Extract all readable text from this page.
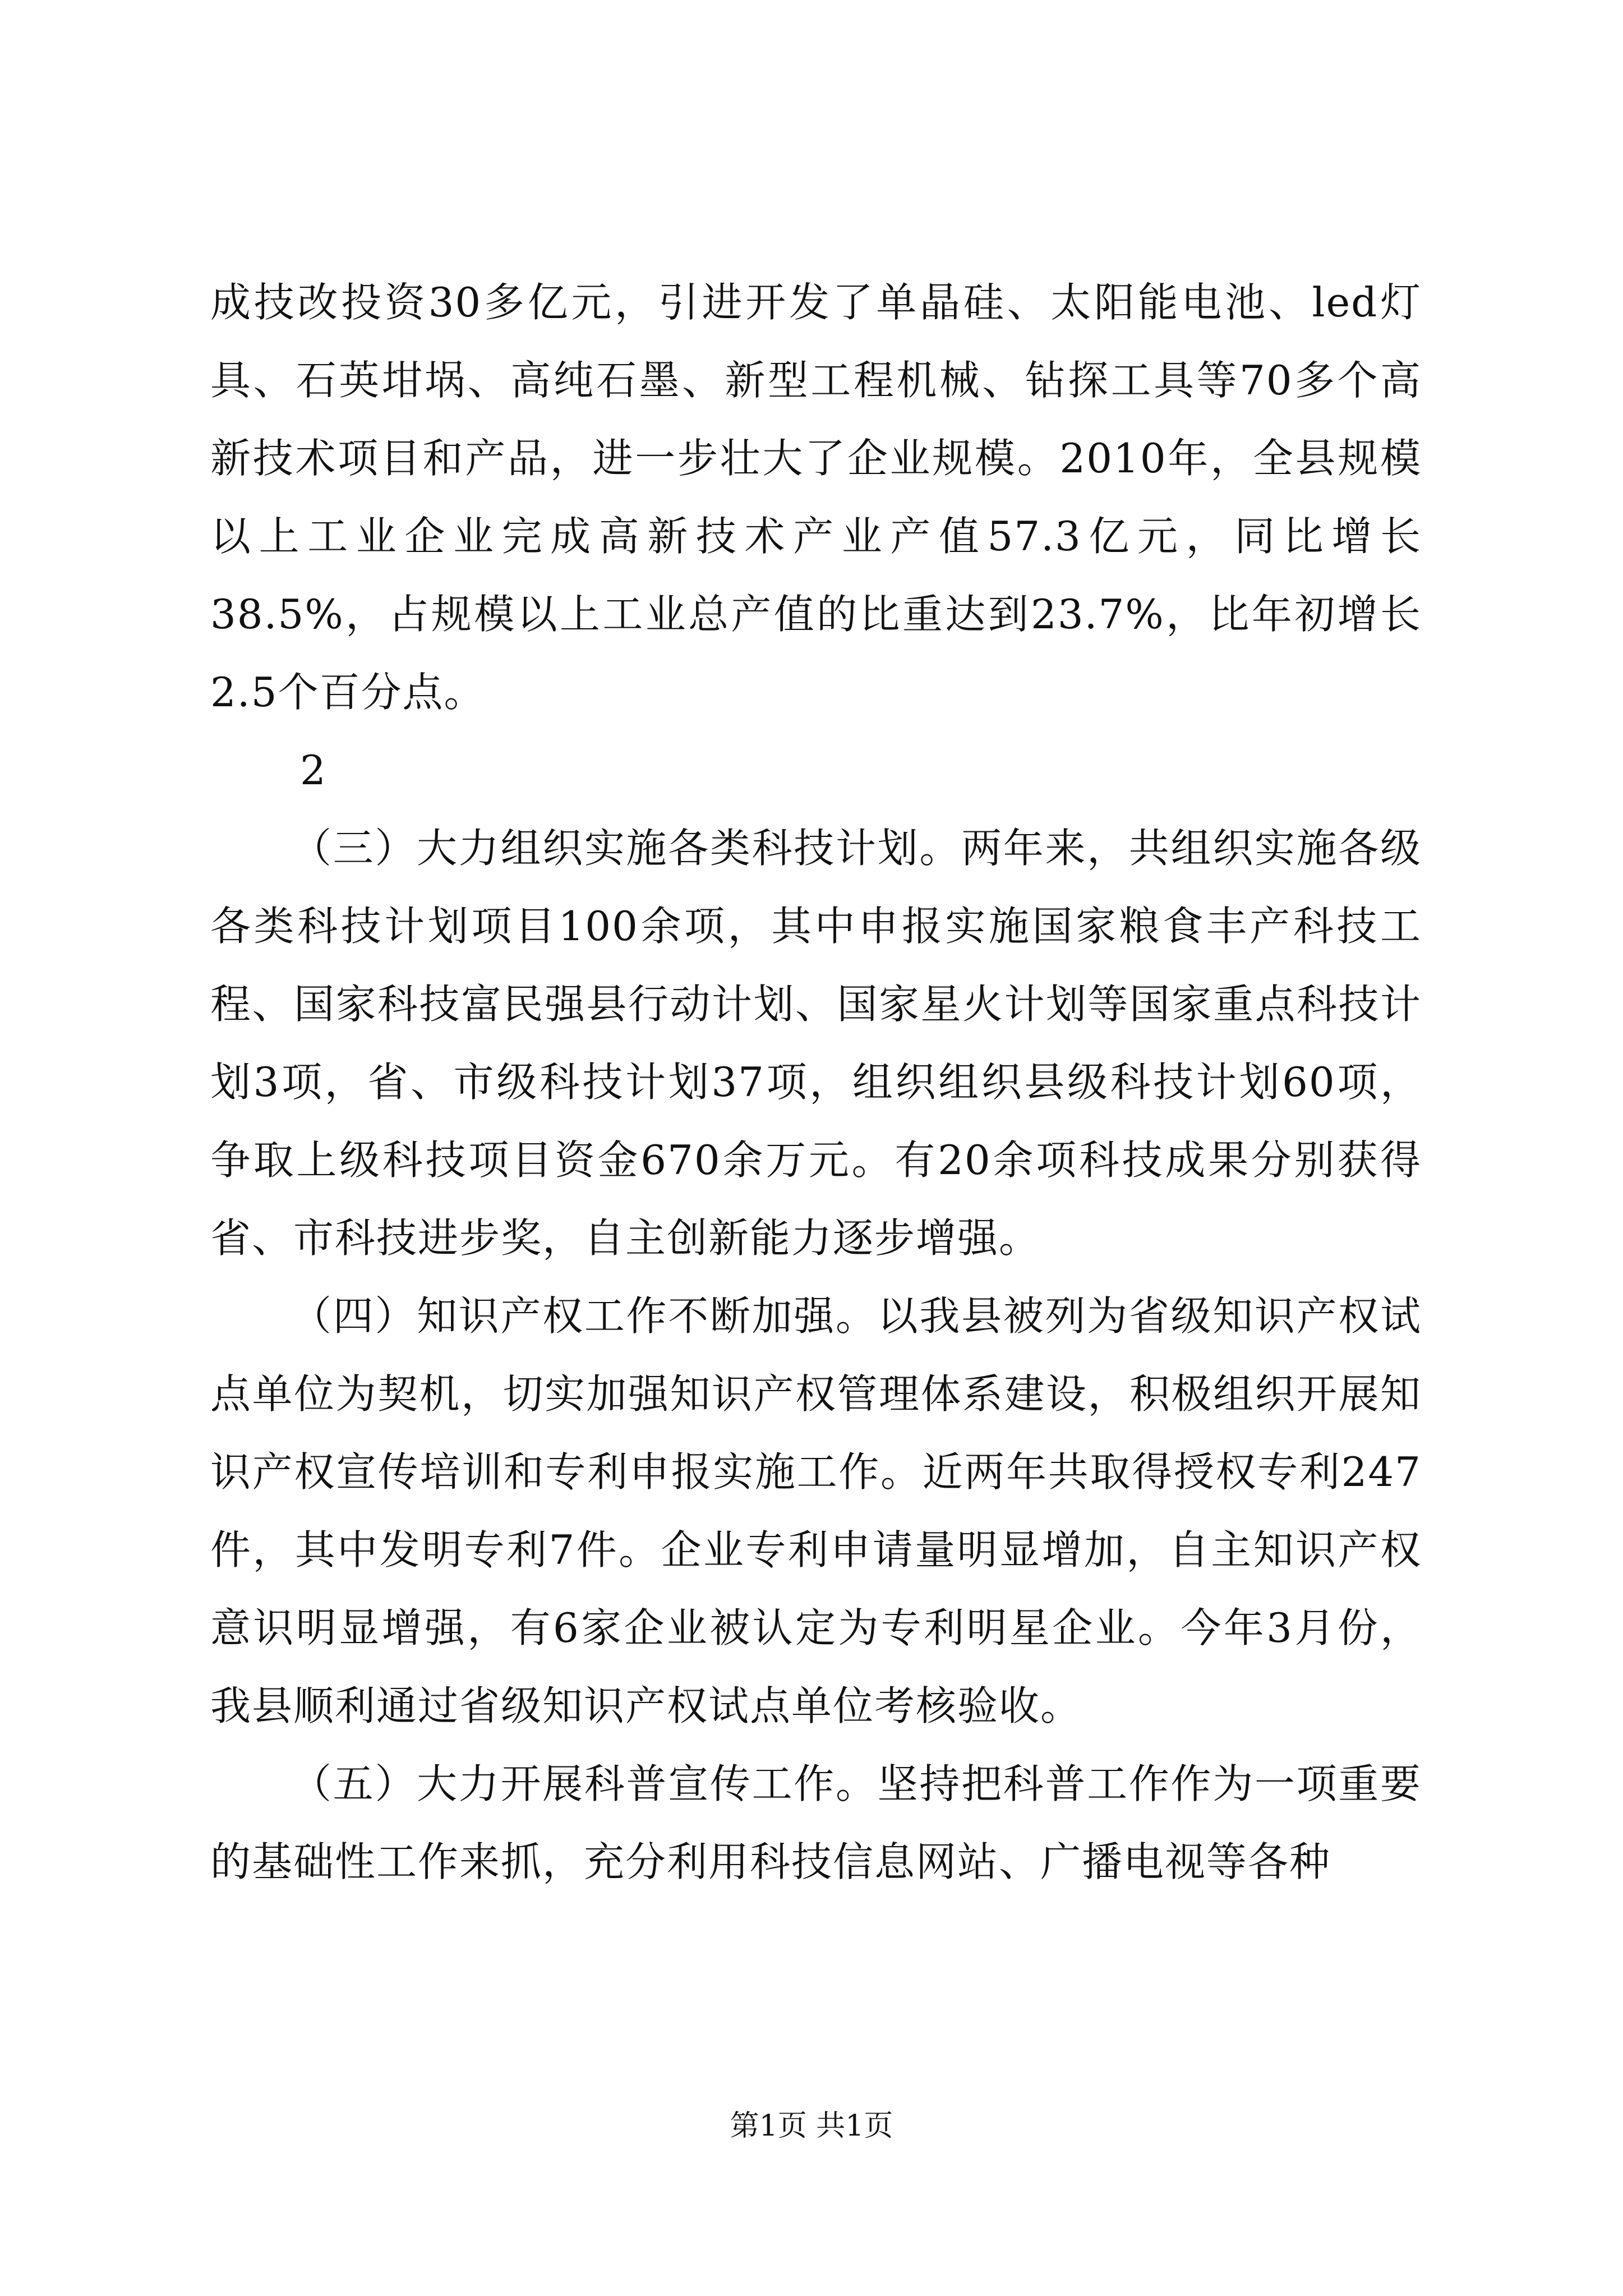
成技改投资30多亿元，引进开发了单晶硅、太阳能电池、led灯具、石英坩埚、高纯石墨、新型工程机械、钻探工具等70多个高新技术项目和产品，进一步壮大了企业规模。2010年，全县规模以上工业企业完成高新技术产业产值57.3亿元，同比增长38.5%，占规模以上工业总产值的比重达到23.7%，比年初增长2.5个百分点。

2

（三）大力组织实施各类科技计划。两年来，共组织实施各级各类科技计划项目100余项，其中申报实施国家粮食丰产科技工程、国家科技富民强县行动计划、国家星火计划等国家重点科技计划3项，省、市级科技计划37项，组织组织县级科技计划60项，争取上级科技项目资金670余万元。有20余项科技成果分别获得省、市科技进步奖，自主创新能力逐步增强。

（四）知识产权工作不断加强。以我县被列为省级知识产权试点单位为契机，切实加强知识产权管理体系建设，积极组织开展知识产权宣传培训和专利申报实施工作。近两年共取得授权专利247件，其中发明专利7件。企业专利申请量明显增加，自主知识产权意识明显增强，有6家企业被认定为专利明星企业。今年3月份，我县顺利通过省级知识产权试点单位考核验收。

（五）大力开展科普宣传工作。坚持把科普工作作为一项重要的基础性工作来抓，充分利用科技信息网站、广播电视等各种

第1页 共1页
